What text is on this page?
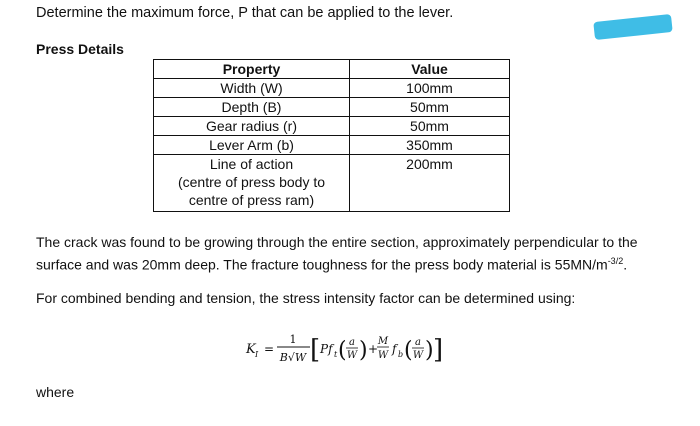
Determine the maximum force, P that can be applied to the lever.
Press Details
Property	Value
Width (W)	100mm
Depth (B)	50mm
Gear radius (r)	50mm
Lever Arm (b)	350mm
Line of action	200mm
(centre of press body to	
centre of press ram)	
The crack was found to be growing through the entire section, approximately perpendicular to the surface and was 20mm deep. The fracture toughness for the press body material is $55MN/m^{-3/2}$.
For combined bending and tension, the stress intensity factor can be determined using:
K I =
1
B√W [ Pf t ( a
W ) +
M
W f b ( a
W ) ]
where
